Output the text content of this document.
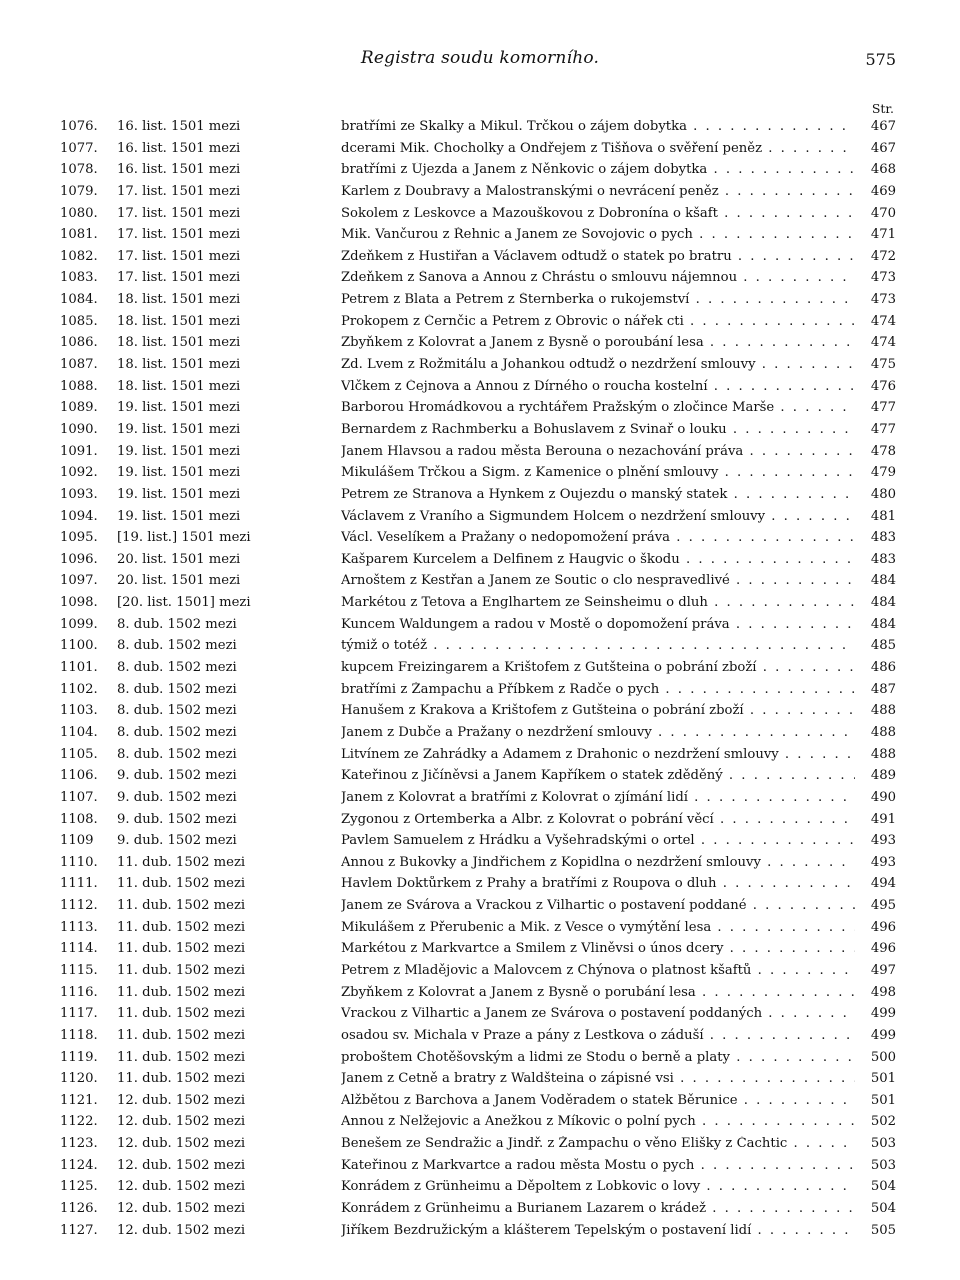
Registra soudu komorního.	575
Str.
1076.	16. list. 1501 mezi	bratřími ze Skalky a Mikul. Trčkou o zájem dobytka . . .	467
1077.	16. list. 1501 mezi	dcerami Mik. Chocholky a Ondřejem z Tišňova o svěření peněz . . .	467
1078.	16. list. 1501 mezi	bratřími z Újezda a Janem z Něnkovic o zájem dobytka . . .	468
1079.	17. list. 1501 mezi	Karlem z Doubravy a Malostranskými o nevrácení peněz . . .	469
1080.	17. list. 1501 mezi	Sokolem z Leskovce a Mazouškovou z Dobronína o kšaft . . .	470
1081.	17. list. 1501 mezi	Mik. Vančurou z Řehnic a Janem ze Sovojovic o pych . . .	471
1082.	17. list. 1501 mezi	Zdeňkem z Hustiřan a Václavem odtudž o statek po bratru . . .	472
1083.	17. list. 1501 mezi	Zdeňkem z Šanova a Annou z Chrástu o smlouvu nájemnou . . .	473
1084.	18. list. 1501 mezi	Petrem z Blata a Petrem z Šternberka o rukojemství . . .	473
1085.	18. list. 1501 mezi	Prokopem z Černčic a Petrem z Obrovic o nářek cti . . .	474
1086.	18. list. 1501 mezi	Zbyňkem z Kolovrat a Janem z Bysně o poroubání lesa . . .	474
1087.	18. list. 1501 mezi	Zd. Lvem z Rožmitálu a Johankou odtudž o nezdržení smlouvy . . .	475
1088.	18. list. 1501 mezi	Vlčkem z Čejnova a Annou z Dírného o roucha kostelní . . .	476
1089.	19. list. 1501 mezi	Barborou Hromádkovou a rychtářem Pražským o zločince Marše . . .	477
1090.	19. list. 1501 mezi	Bernardem z Rachmberku a Bohuslavem z Svinař o louku . . .	477
1091.	19. list. 1501 mezi	Janem Hlavsou a radou města Berouna o nezachování práva . . .	478
1092.	19. list. 1501 mezi	Mikulášem Trčkou a Sigm. z Kamenice o plnění smlouvy . . .	479
1093.	19. list. 1501 mezi	Petrem ze Stranova a Hynkem z Oujezdu o manský statek . . .	480
1094.	19. list. 1501 mezi	Václavem z Vraního a Sigmundem Holcem o nezdržení smlouvy . . .	481
1095.	[19. list.] 1501 mezi	Václ. Veselíkem a Pražany o nedopomožení práva . . .	483
1096.	20. list. 1501 mezi	Kašparem Kurcelem a Delfinem z Haugvic o škodu . . .	483
1097.	20. list. 1501 mezi	Arnoštem z Kestřan a Janem ze Soutic o clo nespravedlivé . . .	484
1098.	[20. list. 1501] mezi	Markétou z Tetova a Englhartem ze Seinsheimu o dluh . . .	484
1099.	8. dub. 1502 mezi	Kuncem Waldungem a radou v Mostě o dopomožení práva . . .	484
1100.	8. dub. 1502 mezi	týmiž o totéž . . .	485
1101.	8. dub. 1502 mezi	kupcem Freizingarem a Krištofem z Gutšteina o pobrání zboží . . .	486
1102.	8. dub. 1502 mezi	bratřími z Žampachu a Příbkem z Radče o pych . . .	487
1103.	8. dub. 1502 mezi	Hanušem z Krakova a Krištofem z Gutšteina o pobrání zboží . . .	488
1104.	8. dub. 1502 mezi	Janem z Dubče a Pražany o nezdržení smlouvy . . .	488
1105.	8. dub. 1502 mezi	Litvínem ze Zahrádky a Adamem z Drahonic o nezdržení smlouvy . . .	488
1106.	9. dub. 1502 mezi	Kateřinou z Jičíněvsi a Janem Kapříkem o statek zděděný . . .	489
1107.	9. dub. 1502 mezi	Janem z Kolovrat a bratřími z Kolovrat o zjímání lidí . . .	490
1108.	9. dub. 1502 mezi	Zygonou z Ortemberka a Albr. z Kolovrat o pobrání věcí . . .	491
1109	9. dub. 1502 mezi	Pavlem Samuelem z Hrádku a Vyšehradskými o ortel . . .	493
1110.	11. dub. 1502 mezi	Annou z Bukovky a Jindřichem z Kopidlna o nezdržení smlouvy . . .	493
1111.	11. dub. 1502 mezi	Havlem Doktůrkem z Prahy a bratřími z Roupova o dluh . . .	494
1112.	11. dub. 1502 mezi	Janem ze Svárova a Vrackou z Vilhartic o postavení poddané . . .	495
1113.	11. dub. 1502 mezi	Mikulášem z Přerubenic a Mik. z Vesce o vymýtění lesa . . .	496
1114.	11. dub. 1502 mezi	Markétou z Markvartce a Smilem z Vliněvsi o únos dcery . . .	496
1115.	11. dub. 1502 mezi	Petrem z Mladějovic a Malovcem z Chýnova o platnost kšaftů . . .	497
1116.	11. dub. 1502 mezi	Zbyňkem z Kolovrat a Janem z Bysně o porubání lesa . . .	498
1117.	11. dub. 1502 mezi	Vrackou z Vilhartic a Janem ze Svárova o postavení poddaných . . .	499
1118.	11. dub. 1502 mezi	osadou sv. Michala v Praze a pány z Lestkova o záduší . . .	499
1119.	11. dub. 1502 mezi	proboštem Chotěšovským a lidmi ze Stodu o berně a platy . . .	500
1120.	11. dub. 1502 mezi	Janem z Cetně a bratry z Waldšteina o zápisné vsi . . .	501
1121.	12. dub. 1502 mezi	Alžbětou z Barchova a Janem Voděradem o statek Běrunice . . .	501
1122.	12. dub. 1502 mezi	Annou z Nelžejovic a Anežkou z Míkovic o polní pych . . .	502
1123.	12. dub. 1502 mezi	Benešem ze Sendražic a Jindř. z Žampachu o věno Elišky z Čachtic . . .	503
1124.	12. dub. 1502 mezi	Kateřinou z Markvartce a radou města Mostu o pych . . .	503
1125.	12. dub. 1502 mezi	Konrádem z Grünheimu a Děpoltem z Lobkovic o lovy . . .	504
1126.	12. dub. 1502 mezi	Konrádem z Grünheimu a Burianem Lazarem o krádež . . .	504
1127.	12. dub. 1502 mezi	Jiříkem Bezdružickým a klášterem Tepelským o postavení lidí . . .	505
